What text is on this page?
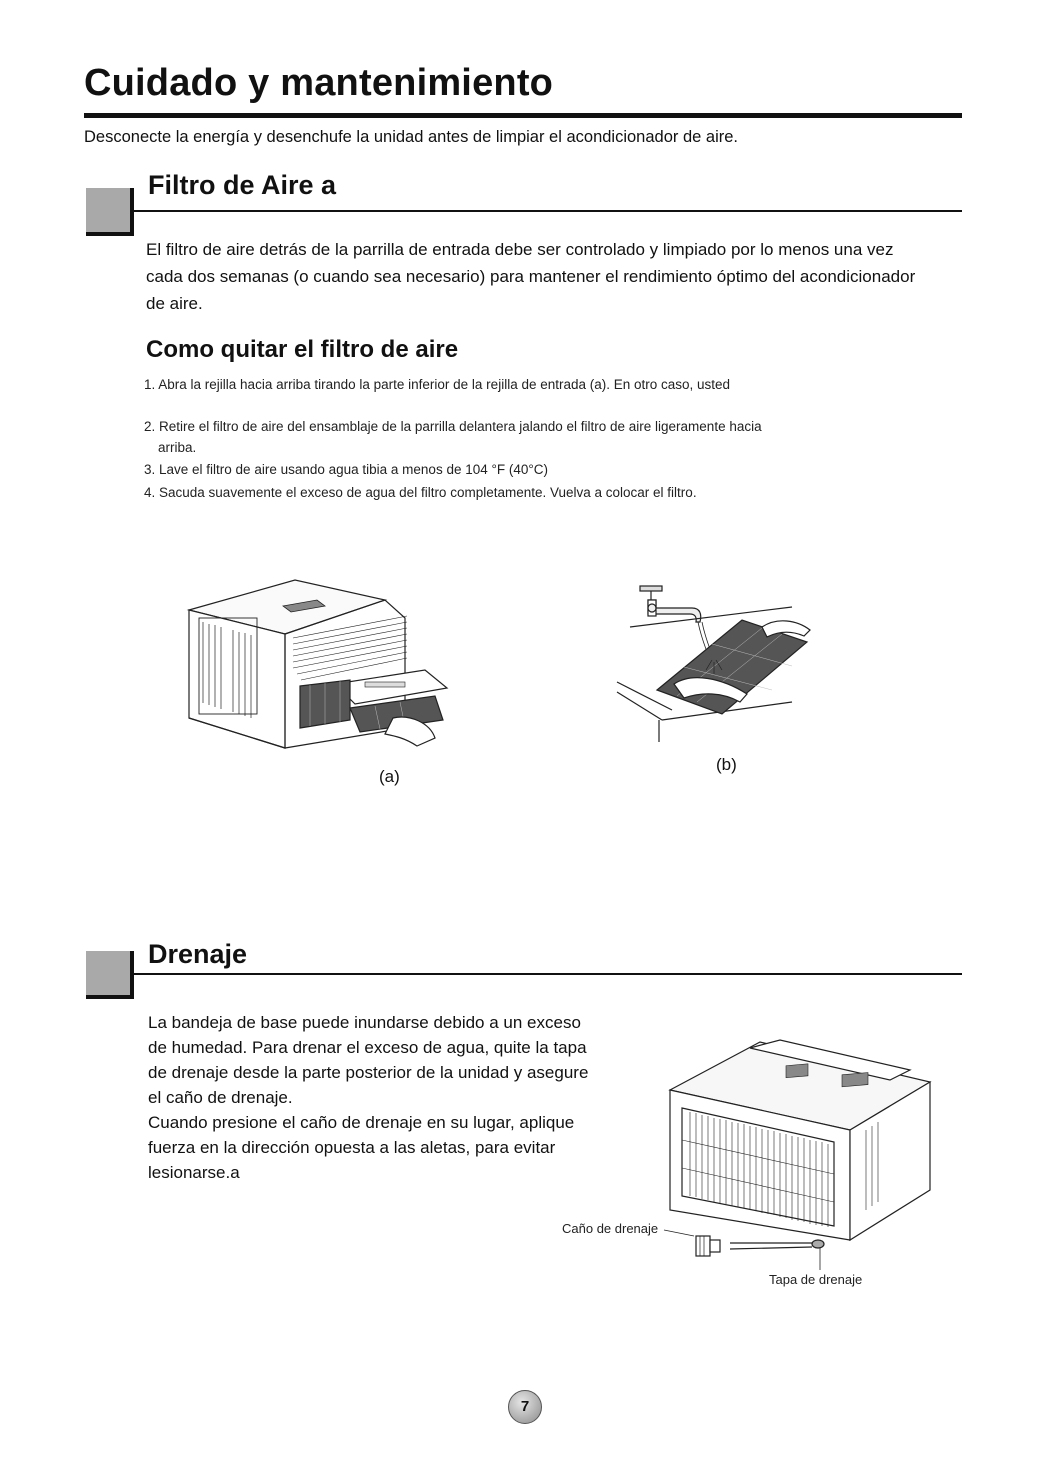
Cuidado y mantenimiento
Desconecte la energía y desenchufe la unidad antes de limpiar el acondicionador de aire.
Filtro de Aire a
El filtro de aire detrás de la parrilla de entrada debe ser controlado y limpiado por lo menos una vez
cada dos semanas (o cuando sea necesario) para mantener el rendimiento óptimo del acondicionador
de aire.
Como quitar el filtro de aire
1. Abra la rejilla hacia arriba tirando la parte inferior de la rejilla de entrada (a). En otro caso, usted
2. Retire el filtro de aire del ensamblaje de la parrilla delantera jalando el filtro de aire ligeramente hacia
arriba.
3. Lave el filtro de aire usando agua tibia a menos de 104 °F (40°C)
4. Sacuda suavemente el exceso de agua del filtro completamente. Vuelva a colocar el filtro.
(a)
(b)
Drenaje
La bandeja de base puede inundarse debido a un exceso
de humedad. Para drenar el exceso de agua, quite la tapa
de drenaje desde la parte posterior de la unidad y asegure
el caño de drenaje.
Cuando presione el caño de drenaje en su lugar, aplique
fuerza en la dirección opuesta a las aletas, para evitar
lesionarse.a
Caño de drenaje
Tapa de drenaje
7
